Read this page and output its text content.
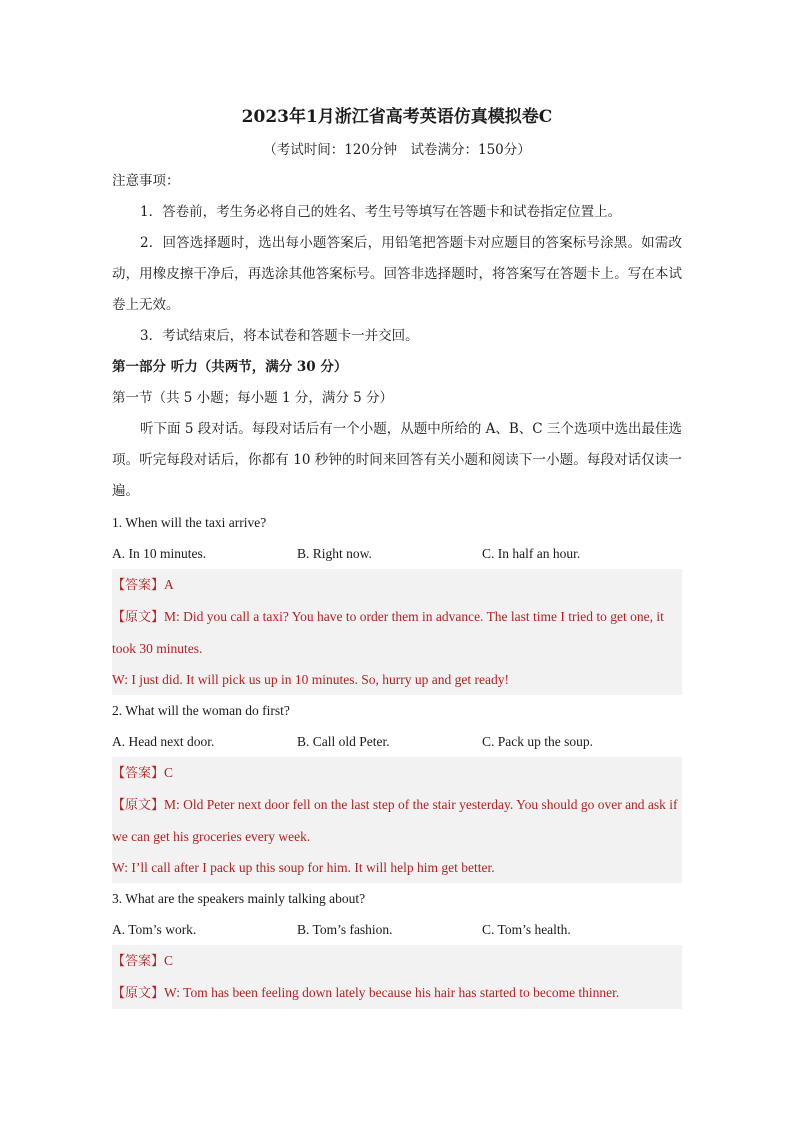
2023年1月浙江省高考英语仿真模拟卷C
（考试时间：120分钟　试卷满分：150分）
注意事项：
1．答卷前，考生务必将自己的姓名、考生号等填写在答题卡和试卷指定位置上。
2．回答选择题时，选出每小题答案后，用铅笔把答题卡对应题目的答案标号涂黑。如需改动，用橡皮擦干净后，再选涂其他答案标号。回答非选择题时，将答案写在答题卡上。写在本试卷上无效。
3．考试结束后，将本试卷和答题卡一并交回。
第一部分 听力（共两节，满分 30 分）
第一节（共 5 小题；每小题 1 分，满分 5 分）
听下面 5 段对话。每段对话后有一个小题，从题中所给的 A、B、C 三个选项中选出最佳选项。听完每段对话后，你都有 10 秒钟的时间来回答有关小题和阅读下一小题。每段对话仅读一遍。
1. When will the taxi arrive?
A. In 10 minutes.	B. Right now.	C. In half an hour.
【答案】A
【原文】M: Did you call a taxi? You have to order them in advance. The last time I tried to get one, it took 30 minutes.
W: I just did. It will pick us up in 10 minutes. So, hurry up and get ready!
2. What will the woman do first?
A. Head next door.	B. Call old Peter.	C. Pack up the soup.
【答案】C
【原文】M: Old Peter next door fell on the last step of the stair yesterday. You should go over and ask if we can get his groceries every week.
W: I’ll call after I pack up this soup for him. It will help him get better.
3. What are the speakers mainly talking about?
A. Tom’s work.	B. Tom’s fashion.	C. Tom’s health.
【答案】C
【原文】W: Tom has been feeling down lately because his hair has started to become thinner.
